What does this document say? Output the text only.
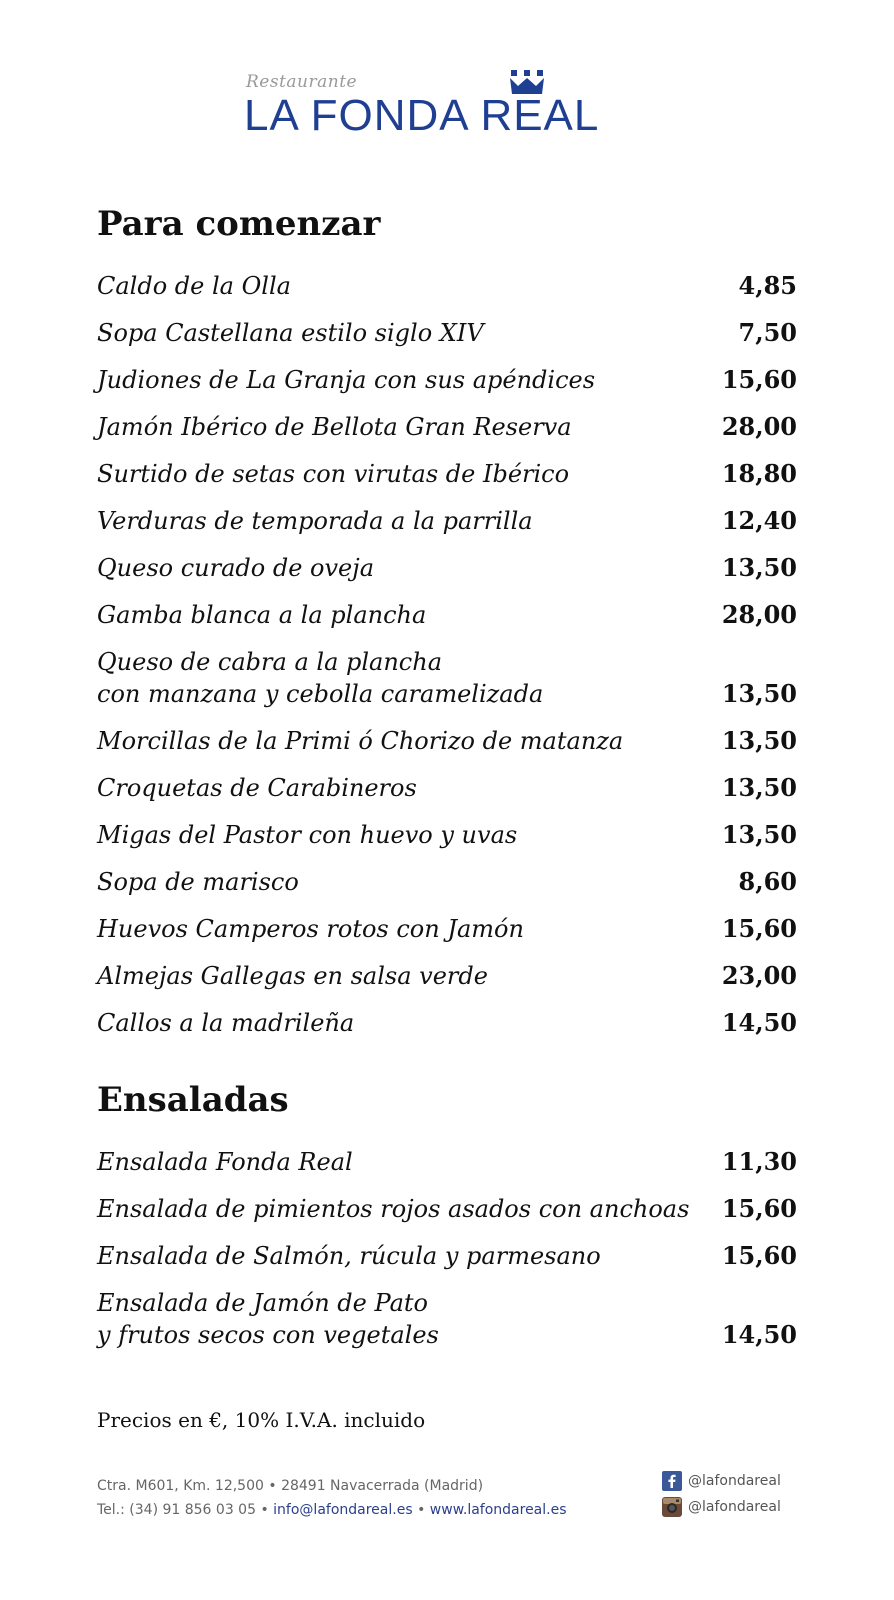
Restaurante
LA FONDA REAL
Para comenzar
Caldo de la Olla	4,85
Sopa Castellana estilo siglo XIV	7,50
Judiones de La Granja con sus apéndices	15,60
Jamón Ibérico de Bellota Gran Reserva	28,00
Surtido de setas con virutas de Ibérico	18,80
Verduras de temporada a la parrilla	12,40
Queso curado de oveja	13,50
Gamba blanca a la plancha	28,00
Queso de cabra a la plancha
con manzana y cebolla caramelizada	13,50
Morcillas de la Primi ó Chorizo de matanza	13,50
Croquetas de Carabineros	13,50
Migas del Pastor con huevo y uvas	13,50
Sopa de marisco	8,60
Huevos Camperos rotos con Jamón	15,60
Almejas Gallegas en salsa verde	23,00
Callos a la madrileña	14,50
Ensaladas
Ensalada Fonda Real	11,30
Ensalada de pimientos rojos asados con anchoas 15,60
Ensalada de Salmón, rúcula y parmesano	15,60
Ensalada de Jamón de Pato
y frutos secos con vegetales	14,50
Precios en €, 10% I.V.A. incluido
Ctra. M601, Km. 12,500 • 28491 Navacerrada (Madrid)
Tel.: (34) 91 856 03 05 • info@lafondareal.es • www.lafondareal.es
@lafondareal
@lafondareal
